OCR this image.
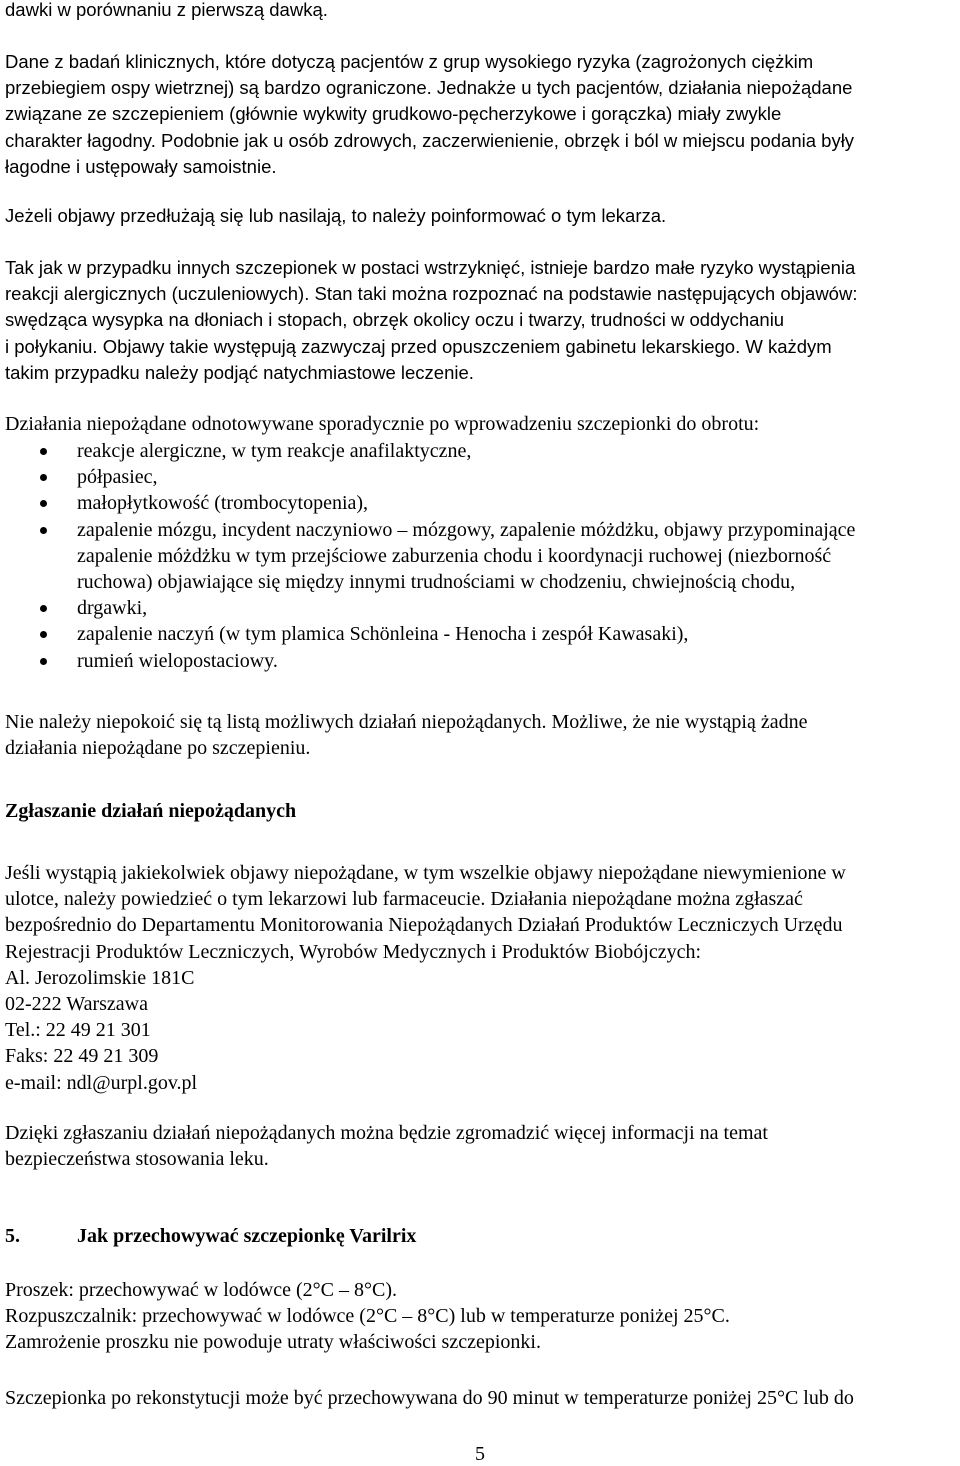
dawki w porównaniu z pierwszą dawką.

Dane z badań klinicznych, które dotyczą pacjentów z grup wysokiego ryzyka (zagrożonych ciężkim

przebiegiem ospy wietrznej) są bardzo ograniczone. Jednakże u tych pacjentów, działania niepożądane

związane ze szczepieniem (głównie wykwity grudkowo-pęcherzykowe i gorączka) miały zwykle

charakter łagodny. Podobnie jak u osób zdrowych, zaczerwienienie, obrzęk i ból w miejscu podania były

łagodne i ustępowały samoistnie.

Jeżeli objawy przedłużają się lub nasilają, to należy poinformować o tym lekarza.

Tak jak w przypadku innych szczepionek w postaci wstrzyknięć, istnieje bardzo małe ryzyko wystąpienia

reakcji alergicznych (uczuleniowych). Stan taki można rozpoznać na podstawie następujących objawów:

swędząca wysypka na dłoniach i stopach, obrzęk okolicy oczu i twarzy, trudności w oddychaniu

i połykaniu. Objawy takie występują zazwyczaj przed opuszczeniem gabinetu lekarskiego. W każdym

takim przypadku należy podjąć natychmiastowe leczenie.

Działania niepożądane odnotowywane sporadycznie po wprowadzeniu szczepionki do obrotu:

reakcje alergiczne, w tym reakcje anafilaktyczne,
półpasiec,
małopłytkowość (trombocytopenia),
zapalenie mózgu, incydent naczyniowo – mózgowy, zapalenie móżdżku, objawy przypominające
zapalenie móżdżku w tym przejściowe zaburzenia chodu i koordynacji ruchowej (niezborność
ruchowa) objawiające się między innymi trudnościami w chodzeniu, chwiejnością chodu,
drgawki,
zapalenie naczyń (w tym plamica Schönleina - Henocha i zespół Kawasaki),
rumień wielopostaciowy.

Nie należy niepokoić się tą listą możliwych działań niepożądanych. Możliwe, że nie wystąpią żadne

działania niepożądane po szczepieniu.

Zgłaszanie działań niepożądanych

Jeśli wystąpią jakiekolwiek objawy niepożądane, w tym wszelkie objawy niepożądane niewymienione w

ulotce, należy powiedzieć o tym lekarzowi lub farmaceucie. Działania niepożądane można zgłaszać

bezpośrednio do Departamentu Monitorowania Niepożądanych Działań Produktów Leczniczych Urzędu

Rejestracji Produktów Leczniczych, Wyrobów Medycznych i Produktów Biobójczych:

Al. Jerozolimskie 181C

02-222 Warszawa

Tel.: 22 49 21 301

Faks: 22 49 21 309

e-mail: ndl@urpl.gov.pl

Dzięki zgłaszaniu działań niepożądanych można będzie zgromadzić więcej informacji na temat

bezpieczeństwa stosowania leku.

5.	Jak przechowywać szczepionkę Varilrix

Proszek: przechowywać w lodówce (2°C – 8°C).

Rozpuszczalnik: przechowywać w lodówce (2°C – 8°C) lub w temperaturze poniżej 25°C.

Zamrożenie proszku nie powoduje utraty właściwości szczepionki.

Szczepionka po rekonstytucji może być przechowywana do 90 minut w temperaturze poniżej 25°C lub do

5
